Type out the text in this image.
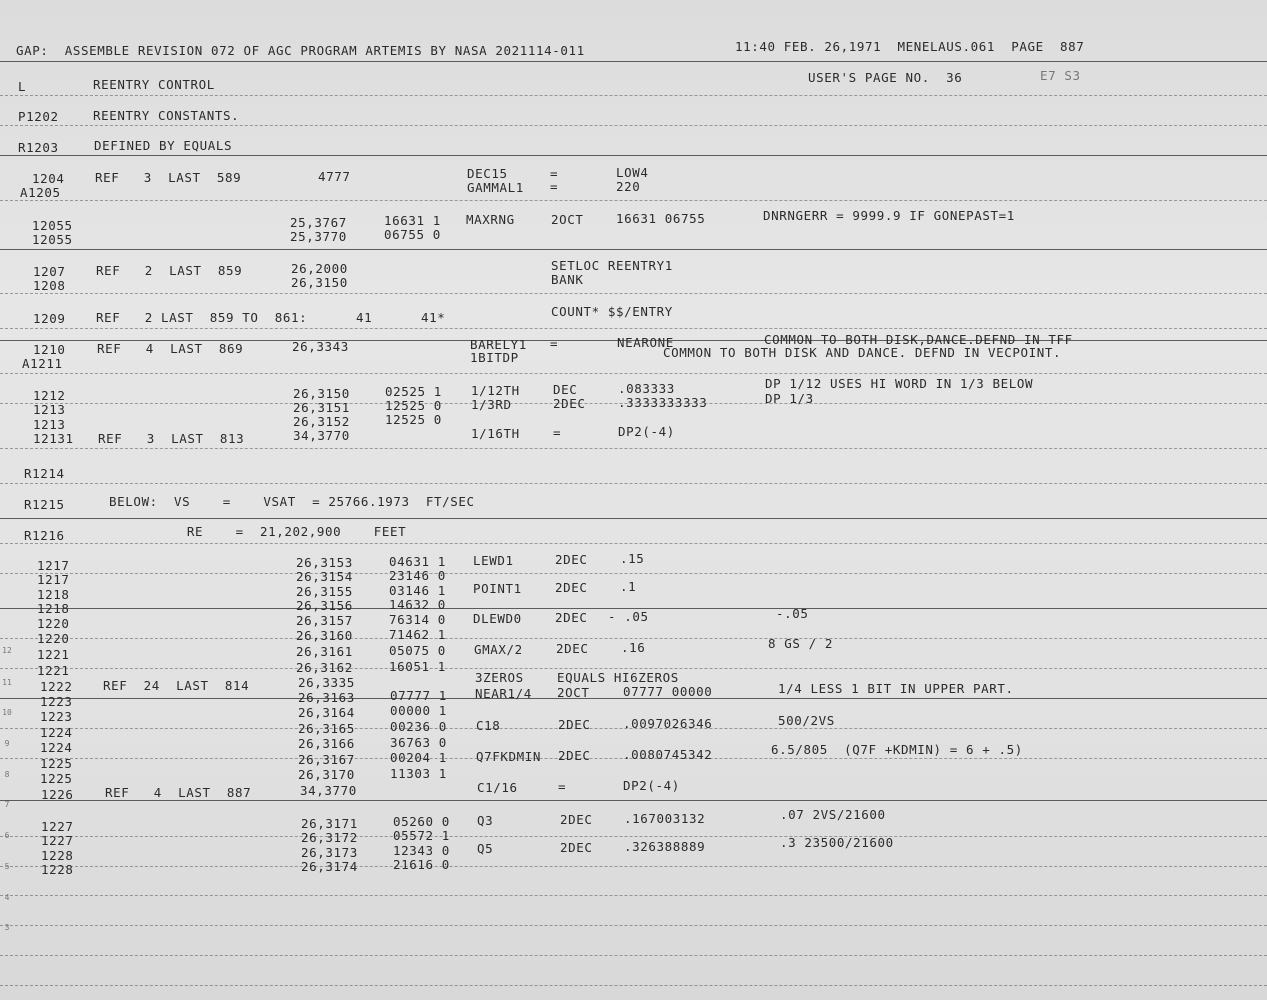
GAP:  ASSEMBLE REVISION 072 OF AGC PROGRAM ARTEMIS BY NASA 2021114-011	11:40 FEB. 26,1971  MENELAUS.061  PAGE  887
USER'S PAGE NO.  36	E7 S3
L	REENTRY CONTROL
P1202	REENTRY CONSTANTS.
R1203	DEFINED BY EQUALS
1204 REF   3  LAST  589	4777	DEC15	=	LOW4
A1205	GAMMAL1 =	220
12055	25,3767	16631 1 MAXRNG	2OCT	16631 06755	DNRNGERR = 9999.9 IF GONEPAST=1
12055	25,3770	06755 0
1207 REF   2  LAST  859	26,2000	SETLOC REENTRY1
1208	26,3150	BANK
1209 REF   2 LAST  859 TO  861:      41      41*	COUNT* $$/ENTRY
1210	REF   4  LAST  869	26,3343	BARELY1 =	NEARONE	COMMON TO BOTH DISK,DANCE.DEFND IN TFF
A1211	1BITDP	COMMON TO BOTH DISK AND DANCE. DEFND IN VECPOINT.
1212	26,3150	02525 1 1/12TH	DEC	.083333	DP 1/12 USES HI WORD IN 1/3 BELOW
1213	26,3151	12525 0 1/3RD	2DEC	.3333333333	DP 1/3
1213	26,3152	12525 0
12131 REF   3  LAST  813	34,3770	1/16TH	=	DP2(-4)
R1214
R1215	BELOW:  VS    =    VSAT  = 25766.1973  FT/SEC
R1216	RE    =  21,202,900    FEET
1217	26,3153	04631 1 LEWD1	2DEC	.15
1217	26,3154	23146 0
1218	26,3155	03146 1 POINT1	2DEC	.1
1218	26,3156	14632 0
1220	26,3157	76314 0 DLEWD0	2DEC - .05	-.05
1220	26,3160	71462 1
1221	26,3161	05075 0 GMAX/2	2DEC	.16	8 GS / 2
1221	26,3162	16051 1
1222 REF  24  LAST  814	26,3335	3ZEROS	EQUALS HI6ZEROS
1223	26,3163	07777 1 NEAR1/4 2OCT	07777 00000	1/4 LESS 1 BIT IN UPPER PART.
1223	26,3164	00000 1
1224	26,3165	00236 0 C18	2DEC	.0097026346	500/2VS
1224	26,3166	36763 0
1225	26,3167	00204 1 Q7FKDMIN 2DEC	.0080745342	6.5/805  (Q7F +KDMIN) = 6 + .5)
1225	26,3170	11303 1
1226	REF   4  LAST  887	34,3770	C1/16	=	DP2(-4)
1227	26,3171	05260 0 Q3	2DEC	.167003132	.07 2VS/21600
1227	26,3172	05572 1
1228	26,3173	12343 0 Q5	2DEC	.326388889	.3 23500/21600
1228	26,3174	21616 0
12
11
10
9
8
7
6
5
4
3
